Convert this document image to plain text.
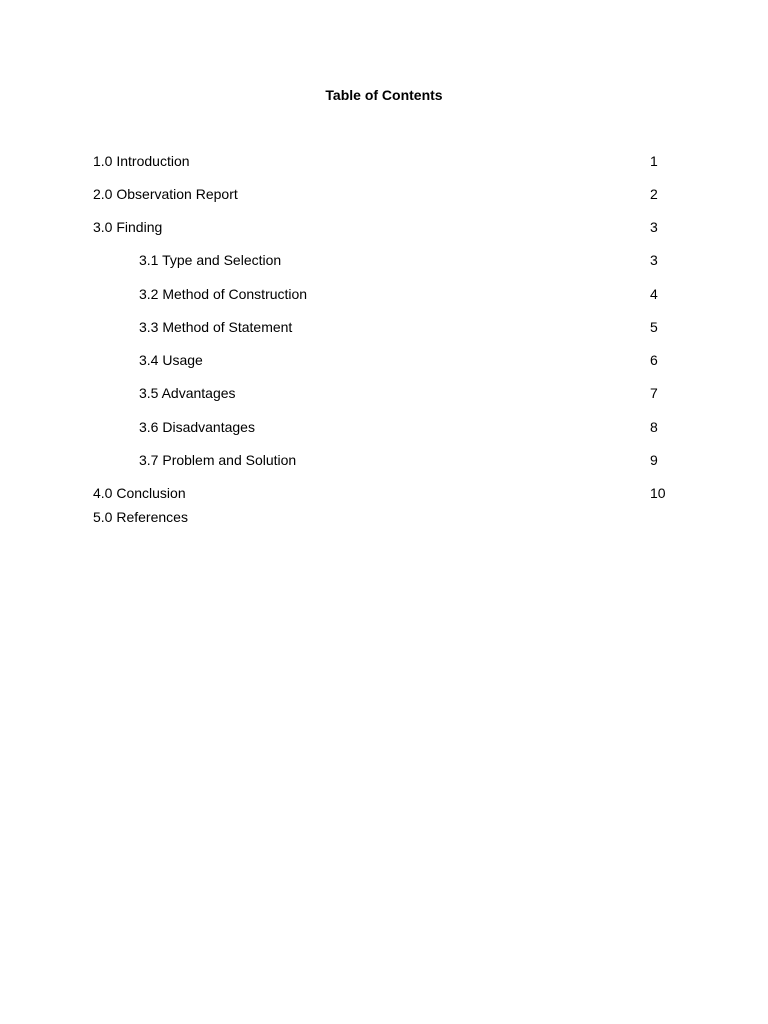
Table of Contents
1.0 Introduction	1
2.0 Observation Report	2
3.0 Finding	3
3.1 Type and Selection	3
3.2 Method of Construction	4
3.3 Method of Statement	5
3.4 Usage	6
3.5 Advantages	7
3.6 Disadvantages	8
3.7 Problem and Solution	9
4.0 Conclusion	10
5.0 References
